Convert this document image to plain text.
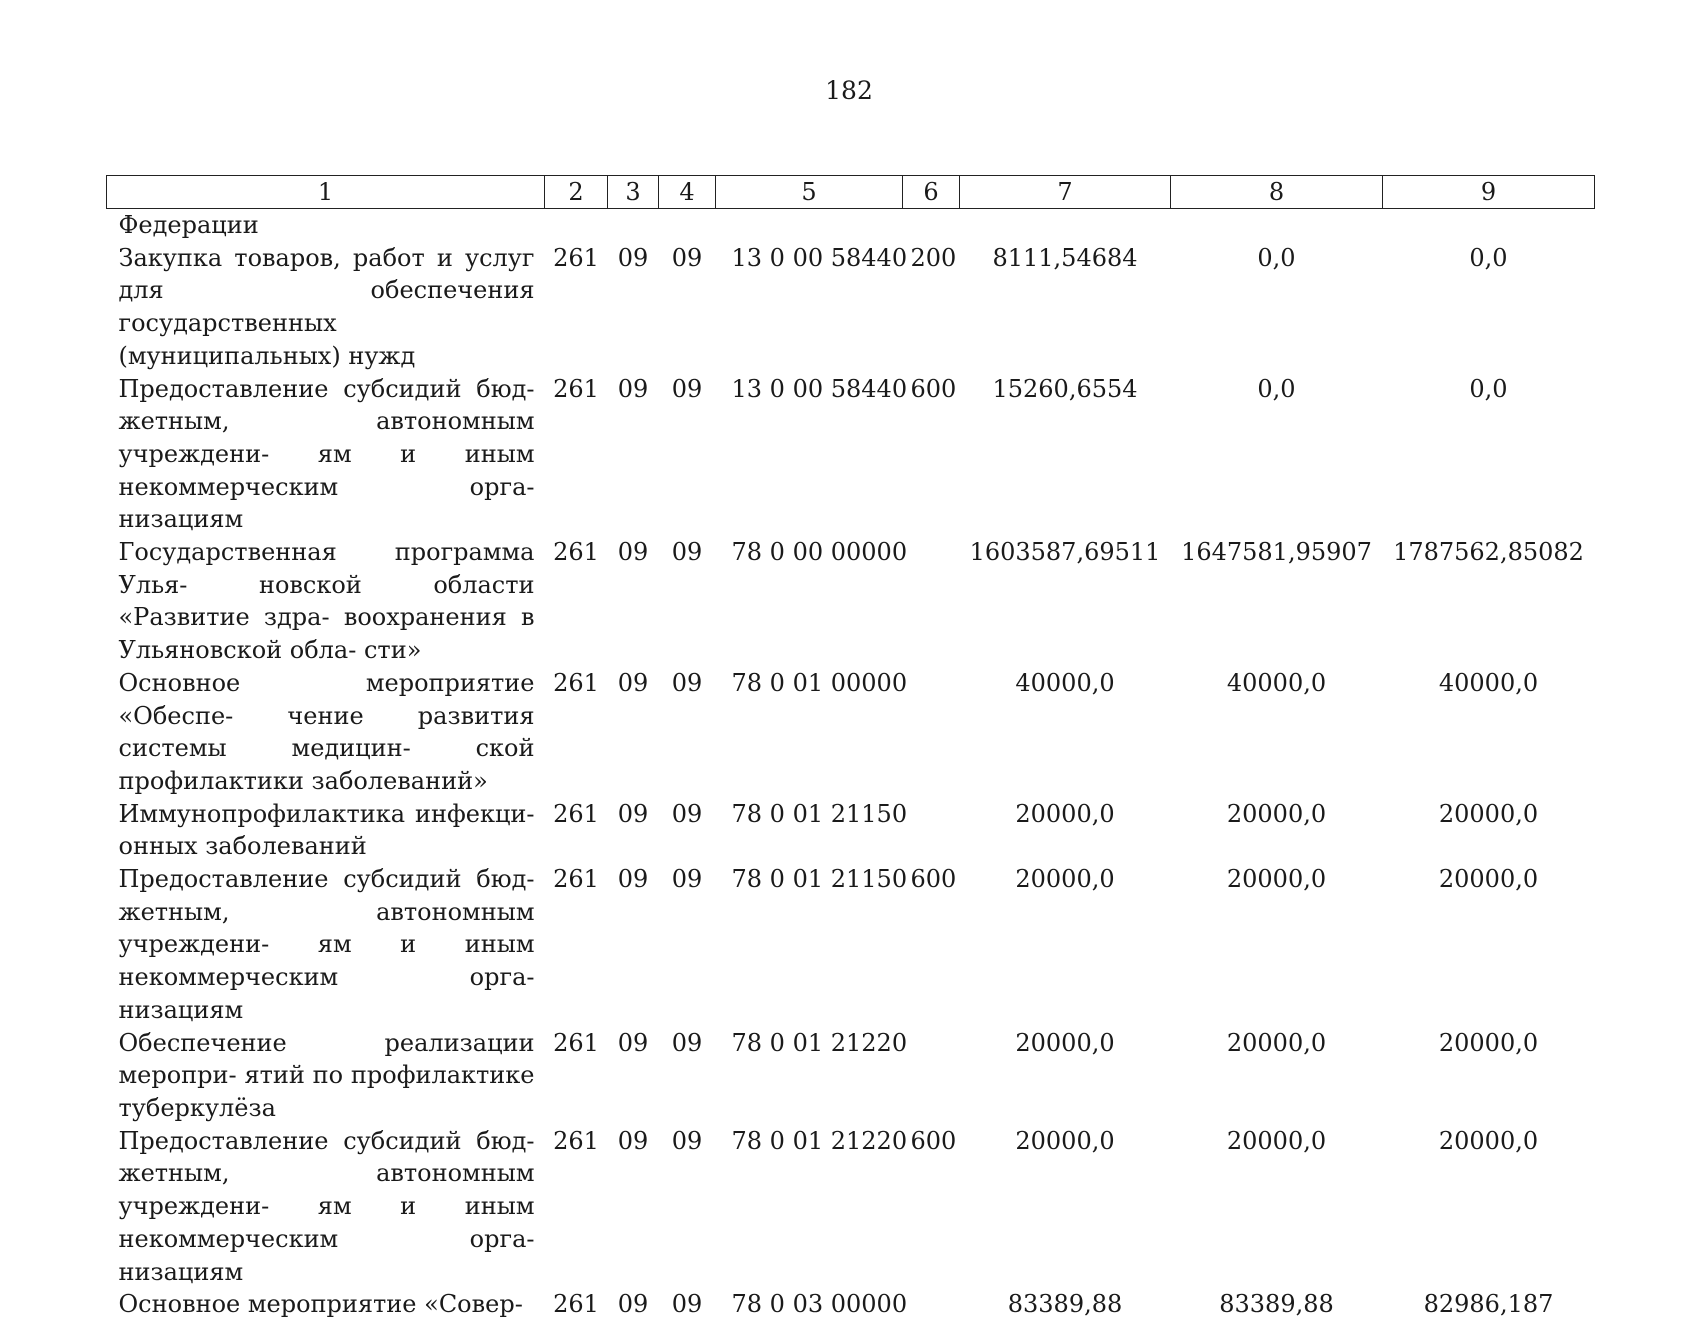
182
1	2	3	4	5	6	7	8	9
Федерации								
Закупка товаров, работ и услуг для обеспечения государственных (муниципальных) нужд	261	09	09	13 0 00 58440	200	8111,54684	0,0	0,0
Предоставление субсидий бюд- жетным, автономным учреждени- ям и иным некоммерческим орга- низациям	261	09	09	13 0 00 58440	600	15260,6554	0,0	0,0
Государственная программа Улья- новской области «Развитие здра- воохранения в Ульяновской обла- сти»	261	09	09	78 0 00 00000		1603587,69511	1647581,95907	1787562,85082
Основное мероприятие «Обеспе- чение развития системы медицин- ской профилактики заболеваний»	261	09	09	78 0 01 00000		40000,0	40000,0	40000,0
Иммунопрофилактика инфекци- онных заболеваний	261	09	09	78 0 01 21150		20000,0	20000,0	20000,0
Предоставление субсидий бюд- жетным, автономным учреждени- ям и иным некоммерческим орга- низациям	261	09	09	78 0 01 21150	600	20000,0	20000,0	20000,0
Обеспечение реализации меропри- ятий по профилактике туберкулёза	261	09	09	78 0 01 21220		20000,0	20000,0	20000,0
Предоставление субсидий бюд- жетным, автономным учреждени- ям и иным некоммерческим орга- низациям	261	09	09	78 0 01 21220	600	20000,0	20000,0	20000,0
Основное мероприятие «Совер-	261	09	09	78 0 03 00000		83389,88	83389,88	82986,187
